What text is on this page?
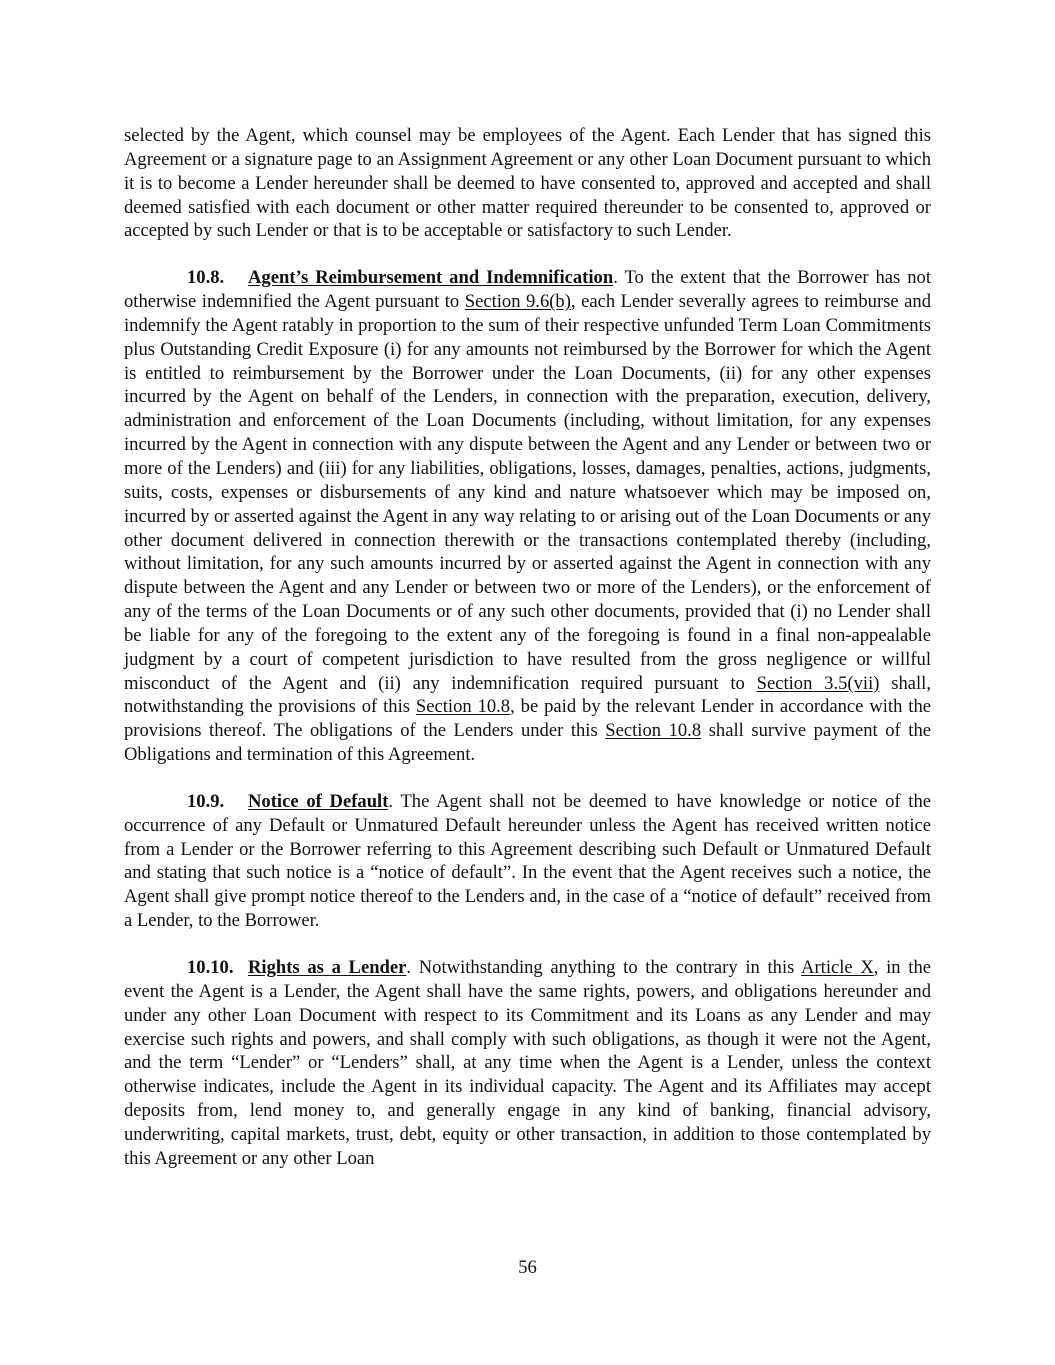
selected by the Agent, which counsel may be employees of the Agent. Each Lender that has signed this Agreement or a signature page to an Assignment Agreement or any other Loan Document pursuant to which it is to become a Lender hereunder shall be deemed to have consented to, approved and accepted and shall deemed satisfied with each document or other matter required thereunder to be consented to, approved or accepted by such Lender or that is to be acceptable or satisfactory to such Lender.

10.8. Agent’s Reimbursement and Indemnification. To the extent that the Borrower has not otherwise indemnified the Agent pursuant to Section 9.6(b), each Lender severally agrees to reimburse and indemnify the Agent ratably in proportion to the sum of their respective unfunded Term Loan Commitments plus Outstanding Credit Exposure (i) for any amounts not reimbursed by the Borrower for which the Agent is entitled to reimbursement by the Borrower under the Loan Documents, (ii) for any other expenses incurred by the Agent on behalf of the Lenders, in connection with the preparation, execution, delivery, administration and enforcement of the Loan Documents (including, without limitation, for any expenses incurred by the Agent in connection with any dispute between the Agent and any Lender or between two or more of the Lenders) and (iii) for any liabilities, obligations, losses, damages, penalties, actions, judgments, suits, costs, expenses or disbursements of any kind and nature whatsoever which may be imposed on, incurred by or asserted against the Agent in any way relating to or arising out of the Loan Documents or any other document delivered in connection therewith or the transactions contemplated thereby (including, without limitation, for any such amounts incurred by or asserted against the Agent in connection with any dispute between the Agent and any Lender or between two or more of the Lenders), or the enforcement of any of the terms of the Loan Documents or of any such other documents, provided that (i) no Lender shall be liable for any of the foregoing to the extent any of the foregoing is found in a final non-appealable judgment by a court of competent jurisdiction to have resulted from the gross negligence or willful misconduct of the Agent and (ii) any indemnification required pursuant to Section 3.5(vii) shall, notwithstanding the provisions of this Section 10.8, be paid by the relevant Lender in accordance with the provisions thereof. The obligations of the Lenders under this Section 10.8 shall survive payment of the Obligations and termination of this Agreement.

10.9. Notice of Default. The Agent shall not be deemed to have knowledge or notice of the occurrence of any Default or Unmatured Default hereunder unless the Agent has received written notice from a Lender or the Borrower referring to this Agreement describing such Default or Unmatured Default and stating that such notice is a “notice of default”. In the event that the Agent receives such a notice, the Agent shall give prompt notice thereof to the Lenders and, in the case of a “notice of default” received from a Lender, to the Borrower.

10.10. Rights as a Lender. Notwithstanding anything to the contrary in this Article X, in the event the Agent is a Lender, the Agent shall have the same rights, powers, and obligations hereunder and under any other Loan Document with respect to its Commitment and its Loans as any Lender and may exercise such rights and powers, and shall comply with such obligations, as though it were not the Agent, and the term “Lender” or “Lenders” shall, at any time when the Agent is a Lender, unless the context otherwise indicates, include the Agent in its individual capacity. The Agent and its Affiliates may accept deposits from, lend money to, and generally engage in any kind of banking, financial advisory, underwriting, capital markets, trust, debt, equity or other transaction, in addition to those contemplated by this Agreement or any other Loan

56
